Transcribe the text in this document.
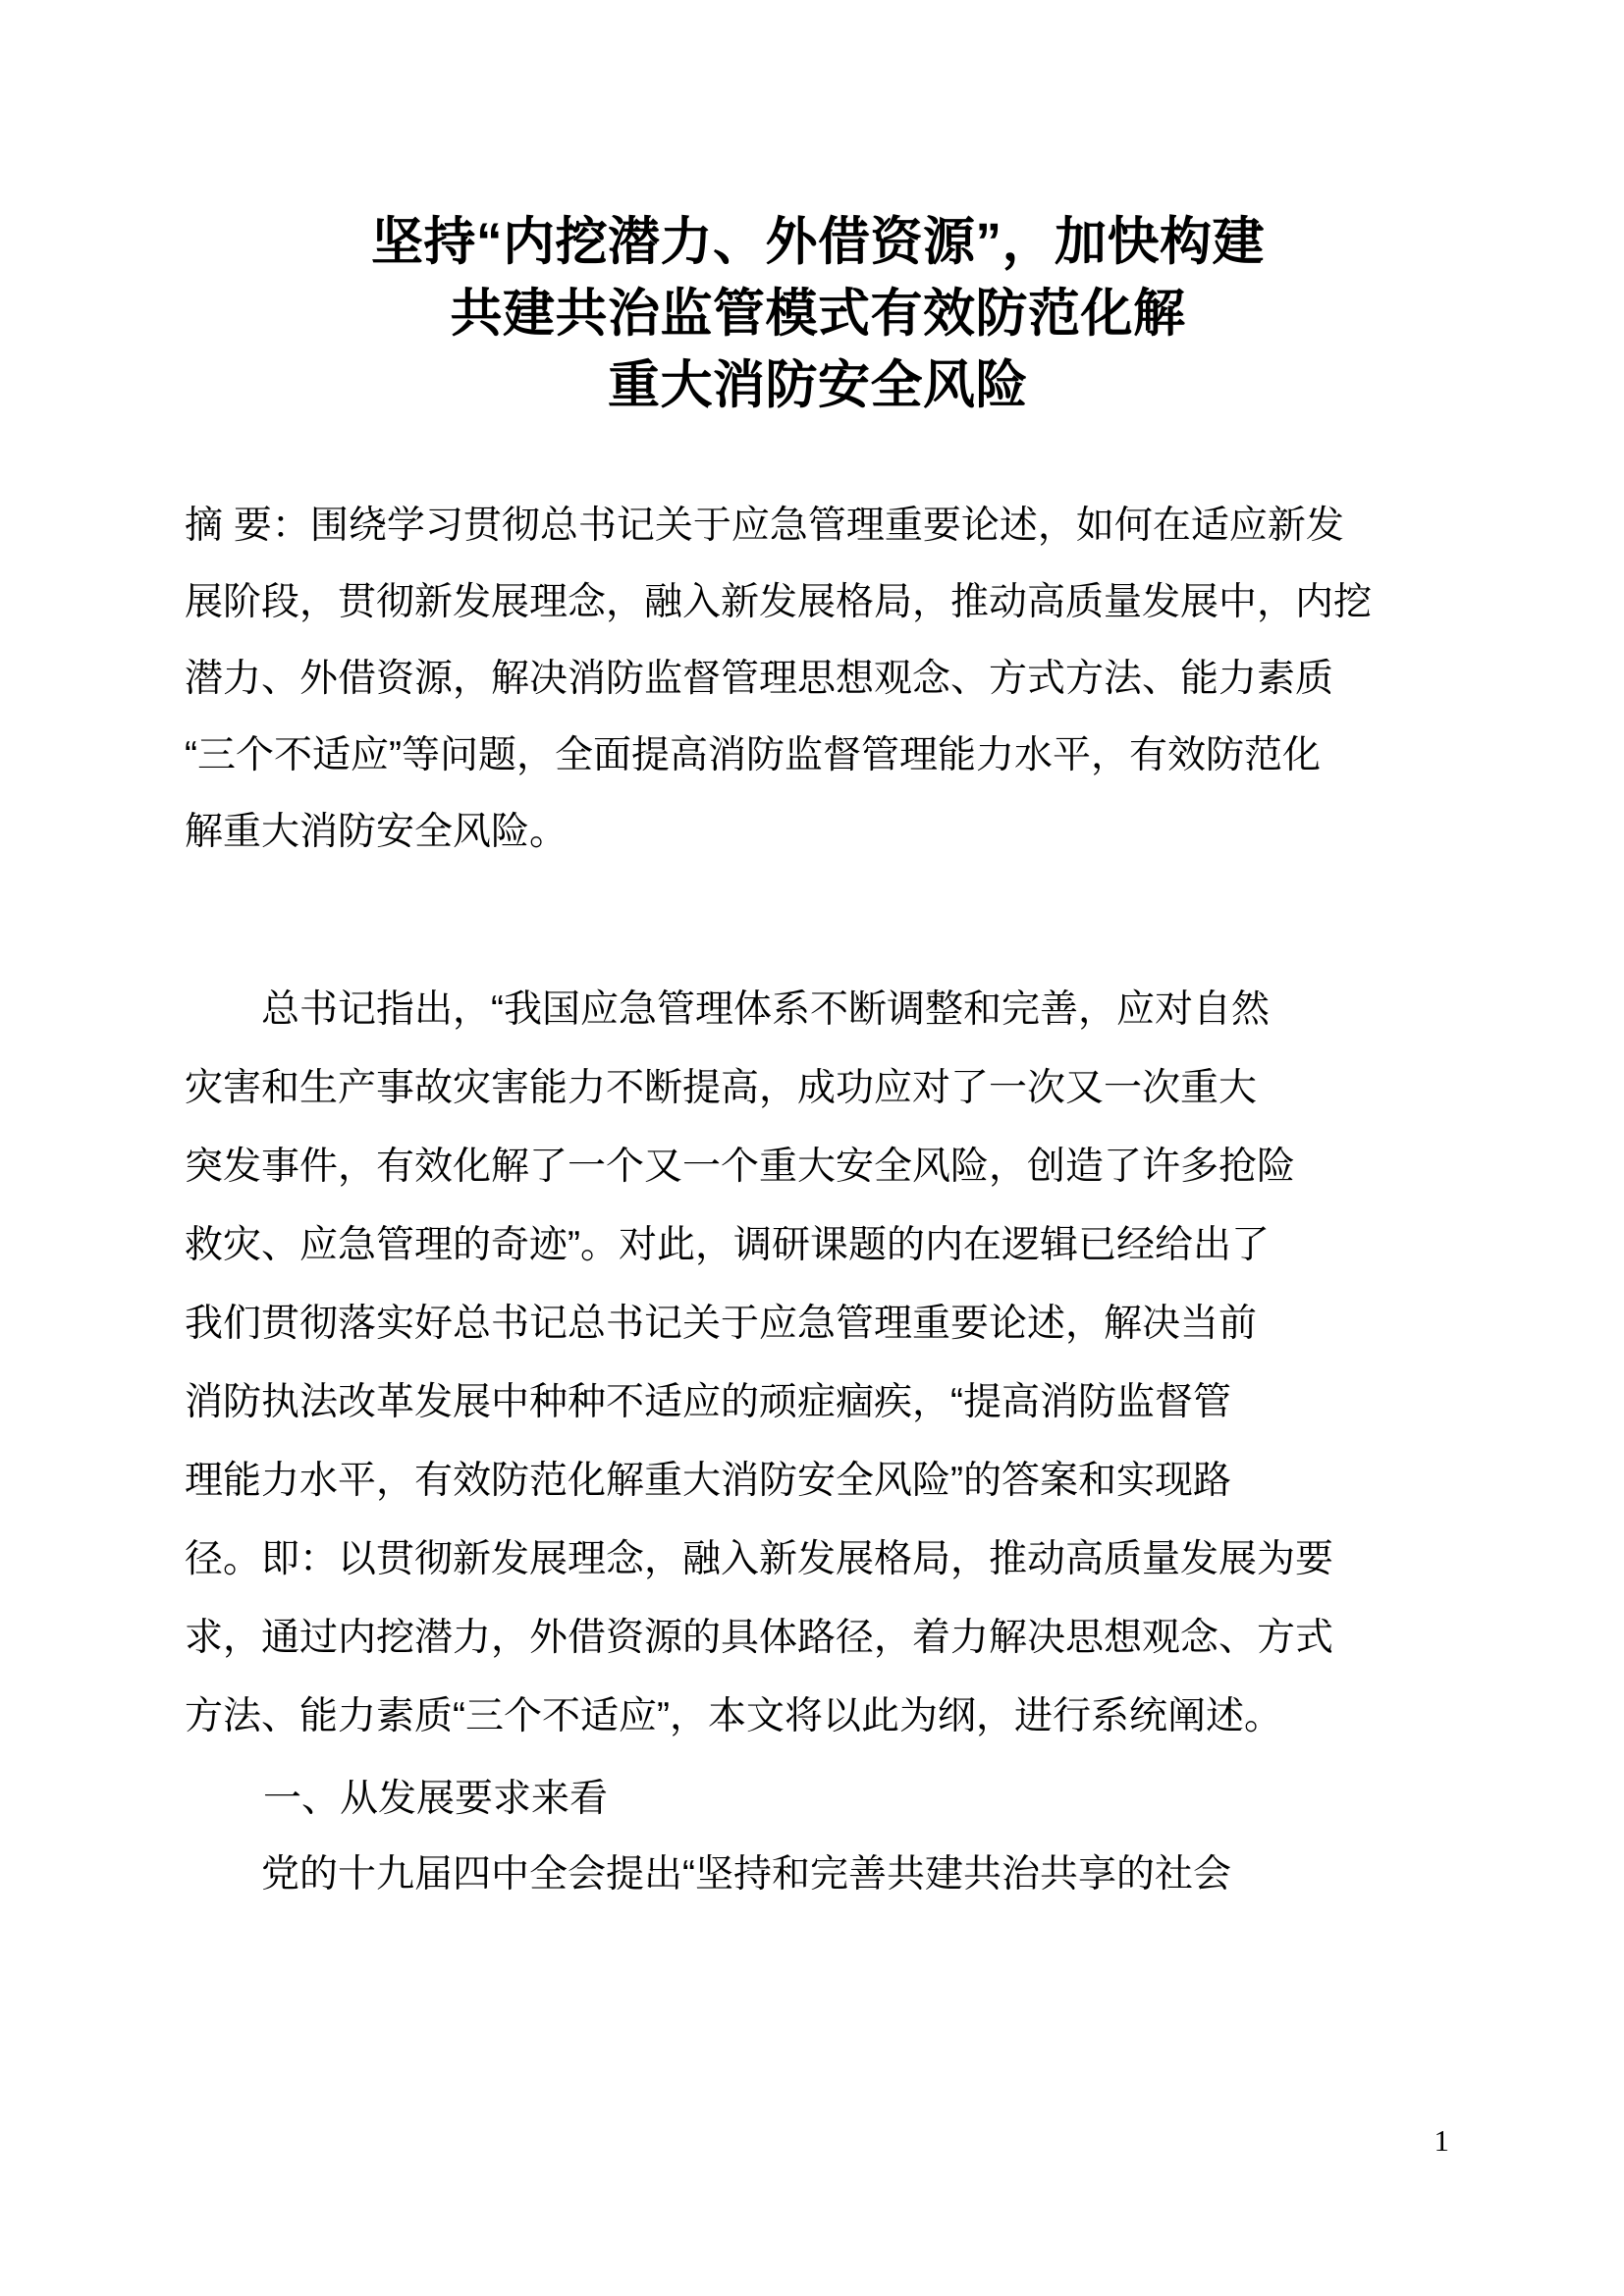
坚持“内挖潜力、外借资源”，加快构建
共建共治监管模式有效防范化解
重大消防安全风险
摘 要：围绕学习贯彻总书记关于应急管理重要论述，如何在适应新发
展阶段，贯彻新发展理念，融入新发展格局，推动高质量发展中，内挖
潜力、外借资源，解决消防监督管理思想观念、方式方法、能力素质
“三个不适应”等问题，全面提高消防监督管理能力水平，有效防范化
解重大消防安全风险。
　　总书记指出，“我国应急管理体系不断调整和完善，应对自然
灾害和生产事故灾害能力不断提高，成功应对了一次又一次重大
突发事件，有效化解了一个又一个重大安全风险，创造了许多抢险
救灾、应急管理的奇迹”。对此，调研课题的内在逻辑已经给出了
我们贯彻落实好总书记总书记关于应急管理重要论述，解决当前
消防执法改革发展中种种不适应的顽症痼疾，“提高消防监督管
理能力水平，有效防范化解重大消防安全风险”的答案和实现路
径。即：以贯彻新发展理念，融入新发展格局，推动高质量发展为要
求，通过内挖潜力，外借资源的具体路径，着力解决思想观念、方式
方法、能力素质“三个不适应”，本文将以此为纲，进行系统阐述。
一、从发展要求来看
　　党的十九届四中全会提出“坚持和完善共建共治共享的社会
1
